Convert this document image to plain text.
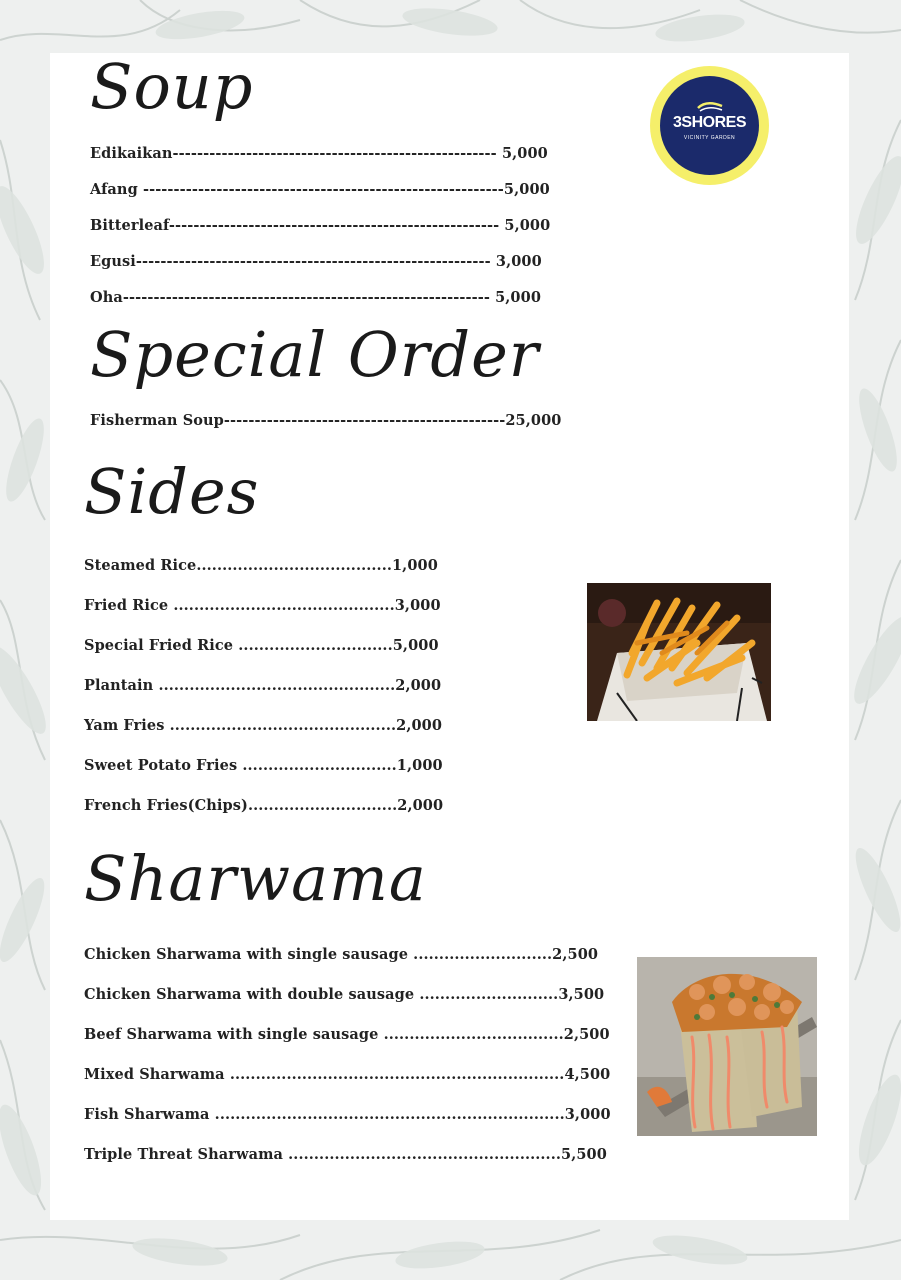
3SHORES
VICINITY GARDEN
Soup
Edikaikan----------------------------------------------------- 5,000
Afang -----------------------------------------------------------5,000
Bitterleaf------------------------------------------------------ 5,000
Egusi---------------------------------------------------------- 3,000
Oha------------------------------------------------------------ 5,000
Special Order
Fisherman Soup----------------------------------------------25,000
Sides
Steamed Rice......................................1,000
Fried Rice ...........................................3,000
Special Fried Rice ..............................5,000
Plantain ..............................................2,000
Yam Fries ............................................2,000
Sweet Potato Fries ..............................1,000
French Fries(Chips).............................2,000
Sharwama
Chicken Sharwama with single sausage ...........................2,500
Chicken Sharwama with double sausage ...........................3,500
Beef Sharwama with single sausage ...................................2,500
Mixed Sharwama .................................................................4,500
Fish Sharwama ....................................................................3,000
Triple Threat Sharwama .....................................................5,500
